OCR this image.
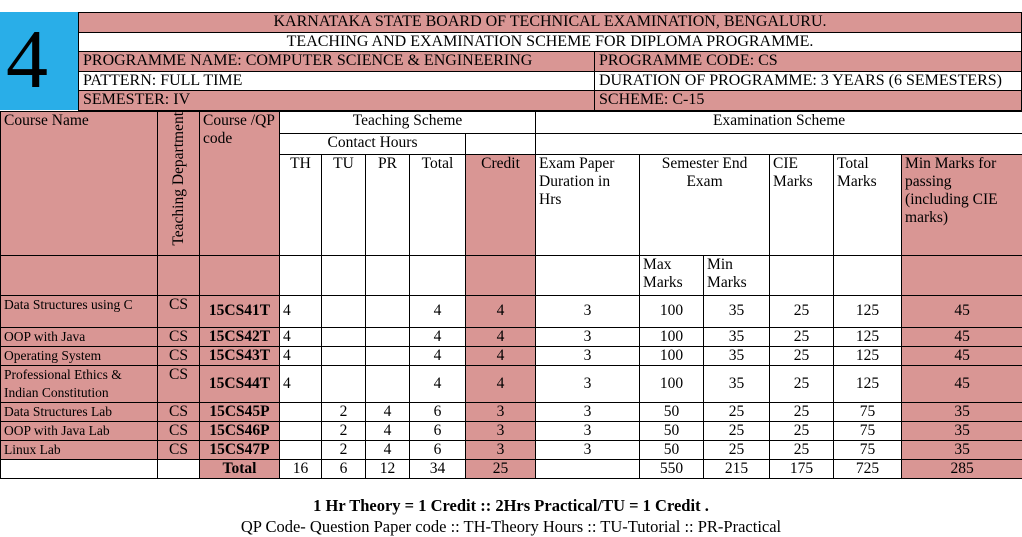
4	KARNATAKA STATE BOARD OF TECHNICAL EXAMINATION, BENGALURU.	
TEACHING AND EXAMINATION SCHEME FOR DIPLOMA PROGRAMME.	
PROGRAMME NAME: COMPUTER SCIENCE & ENGINEERING	PROGRAMME CODE: CS
PATTERN: FULL TIME	DURATION OF PROGRAMME: 3 YEARS (6 SEMESTERS)
SEMESTER: IV	SCHEME: C-15
Course Name	Teaching Department	Course /QP code	Teaching Scheme					Examination Scheme					
			Contact Hours										
			TH	TU	PR	Total	Credit	Exam Paper Duration in Hrs	Semester End Exam		CIE Marks	Total Marks	Min Marks for passing (including CIE marks)
									Max Marks	Min Marks			
Data Structures using C	CS	15CS41T	4			4	4	3	100	35	25	125	45
OOP with Java	CS	15CS42T	4			4	4	3	100	35	25	125	45
Operating System	CS	15CS43T	4			4	4	3	100	35	25	125	45
Professional Ethics & Indian Constitution	CS	15CS44T	4			4	4	3	100	35	25	125	45
Data Structures Lab	CS	15CS45P		2	4	6	3	3	50	25	25	75	35
OOP with Java Lab	CS	15CS46P		2	4	6	3	3	50	25	25	75	35
Linux Lab	CS	15CS47P		2	4	6	3	3	50	25	25	75	35
		Total	16	6	12	34	25		550	215	175	725	285
1 Hr Theory = 1 Credit :: 2Hrs Practical/TU = 1 Credit .
QP Code- Question Paper code :: TH-Theory Hours :: TU-Tutorial :: PR-Practical
